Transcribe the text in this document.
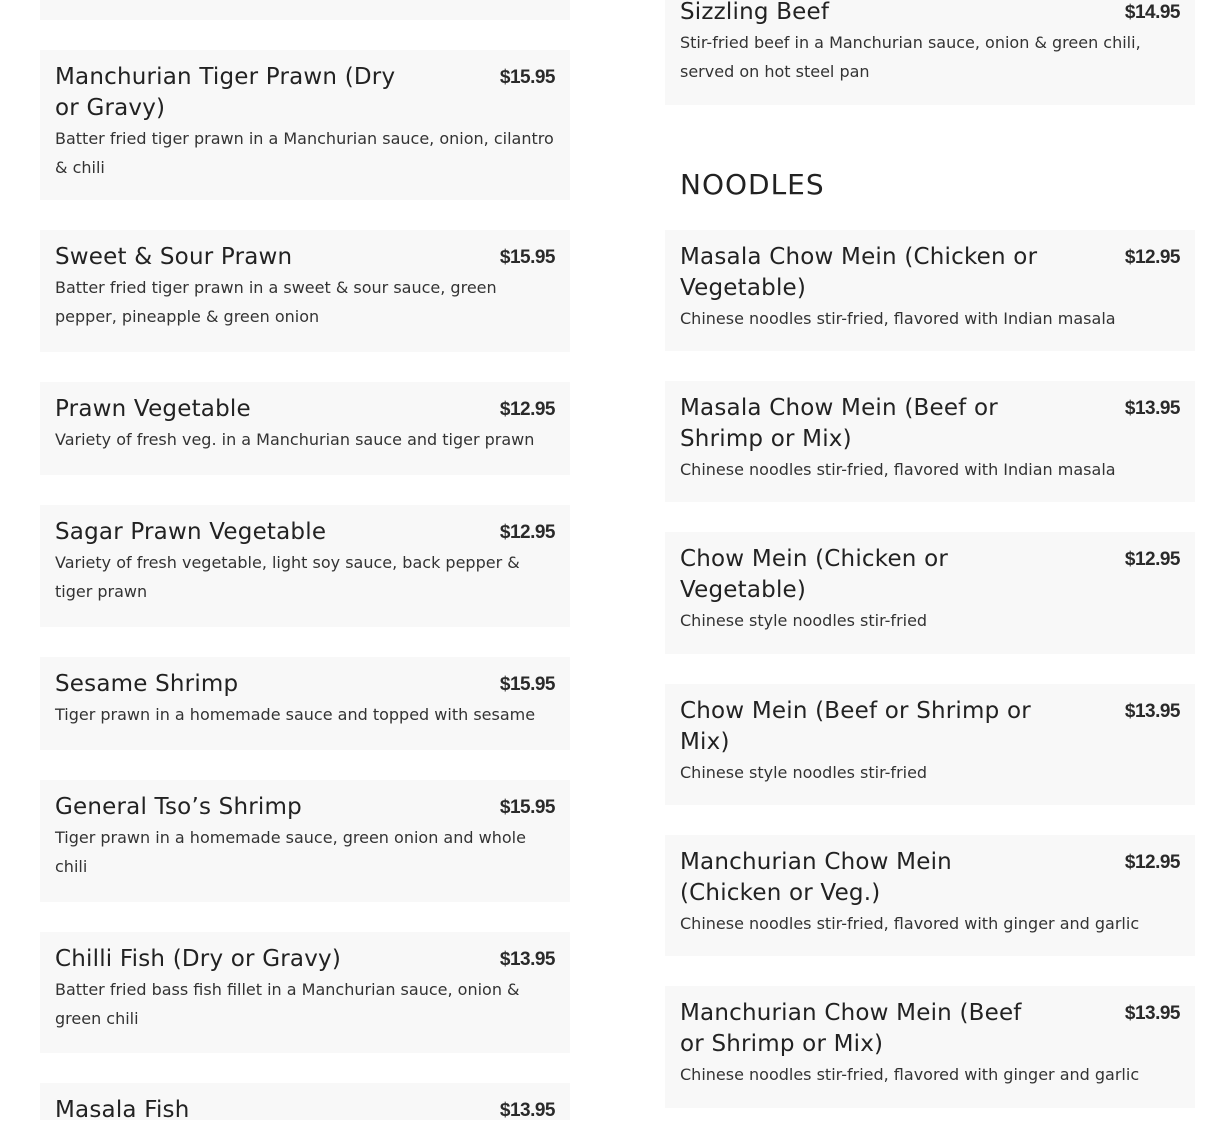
Manchurian Tiger Prawn (Dry or Gravy)
$15.95
Batter fried tiger prawn in a Manchurian sauce, onion, cilantro & chili
Sweet & Sour Prawn	$15.95
Batter fried tiger prawn in a sweet & sour sauce, green pepper, pineapple & green onion
Prawn Vegetable	$12.95
Variety of fresh veg. in a Manchurian sauce and tiger prawn
Sagar Prawn Vegetable	$12.95
Variety of fresh vegetable, light soy sauce, back pepper & tiger prawn
Sesame Shrimp	$15.95
Tiger prawn in a homemade sauce and topped with sesame
General Tso’s Shrimp	$15.95
Tiger prawn in a homemade sauce, green onion and whole chili
Chilli Fish (Dry or Gravy)	$13.95
Batter fried bass fish fillet in a Manchurian sauce, onion & green chili
Masala Fish	$13.95
Sizzling Beef	$14.95
Stir-fried beef in a Manchurian sauce, onion & green chili, served on hot steel pan
NOODLES
Masala Chow Mein (Chicken or Vegetable)
$12.95
Chinese noodles stir-fried, flavored with Indian masala
Masala Chow Mein (Beef or Shrimp or Mix)
$13.95
Chinese noodles stir-fried, flavored with Indian masala
Chow Mein (Chicken or Vegetable)
$12.95
Chinese style noodles stir-fried
Chow Mein (Beef or Shrimp or Mix)
$13.95
Chinese style noodles stir-fried
Manchurian Chow Mein (Chicken or Veg.)
$12.95
Chinese noodles stir-fried, flavored with ginger and garlic
Manchurian Chow Mein (Beef or Shrimp or Mix)
$13.95
Chinese noodles stir-fried, flavored with ginger and garlic
